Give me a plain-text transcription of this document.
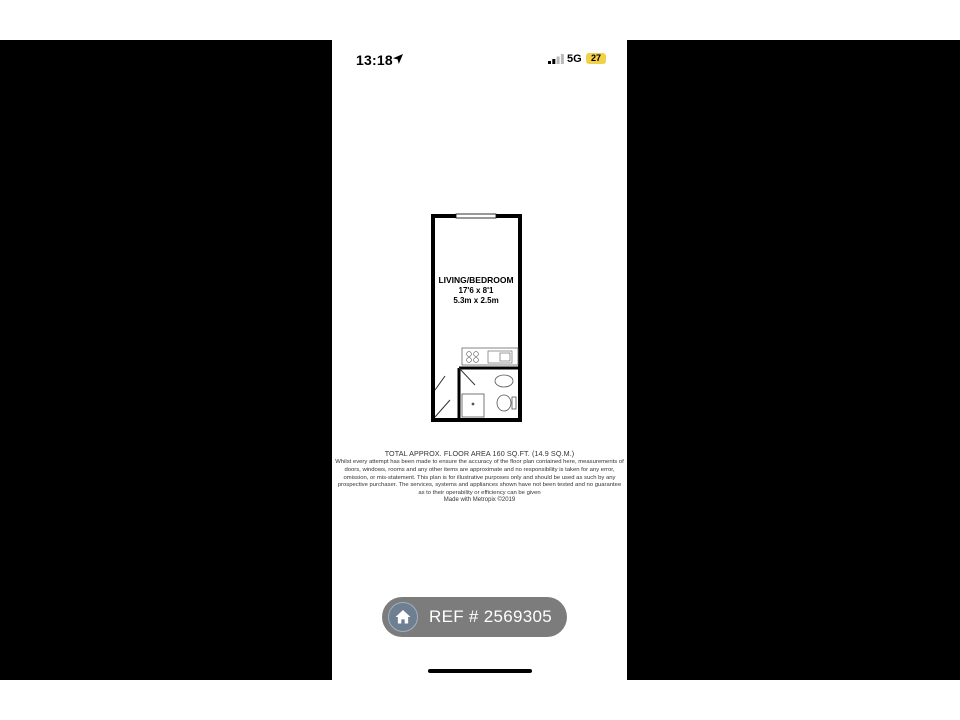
13:18	5G	27
LIVING/BEDROOM
17'6 x 8'1
5.3m x 2.5m
TOTAL APPROX. FLOOR AREA 160 SQ.FT. (14.9 SQ.M.)
Whilst every attempt has been made to ensure the accuracy of the floor plan contained here, measurements of doors, windows, rooms and any other items are approximate and no responsibility is taken for any error, omission, or mis-statement. This plan is for illustrative purposes only and should be used as such by any prospective purchaser. The services, systems and appliances shown have not been tested and no guarantee as to their operability or efficiency can be given
Made with Metropix ©2019
REF # 2569305
